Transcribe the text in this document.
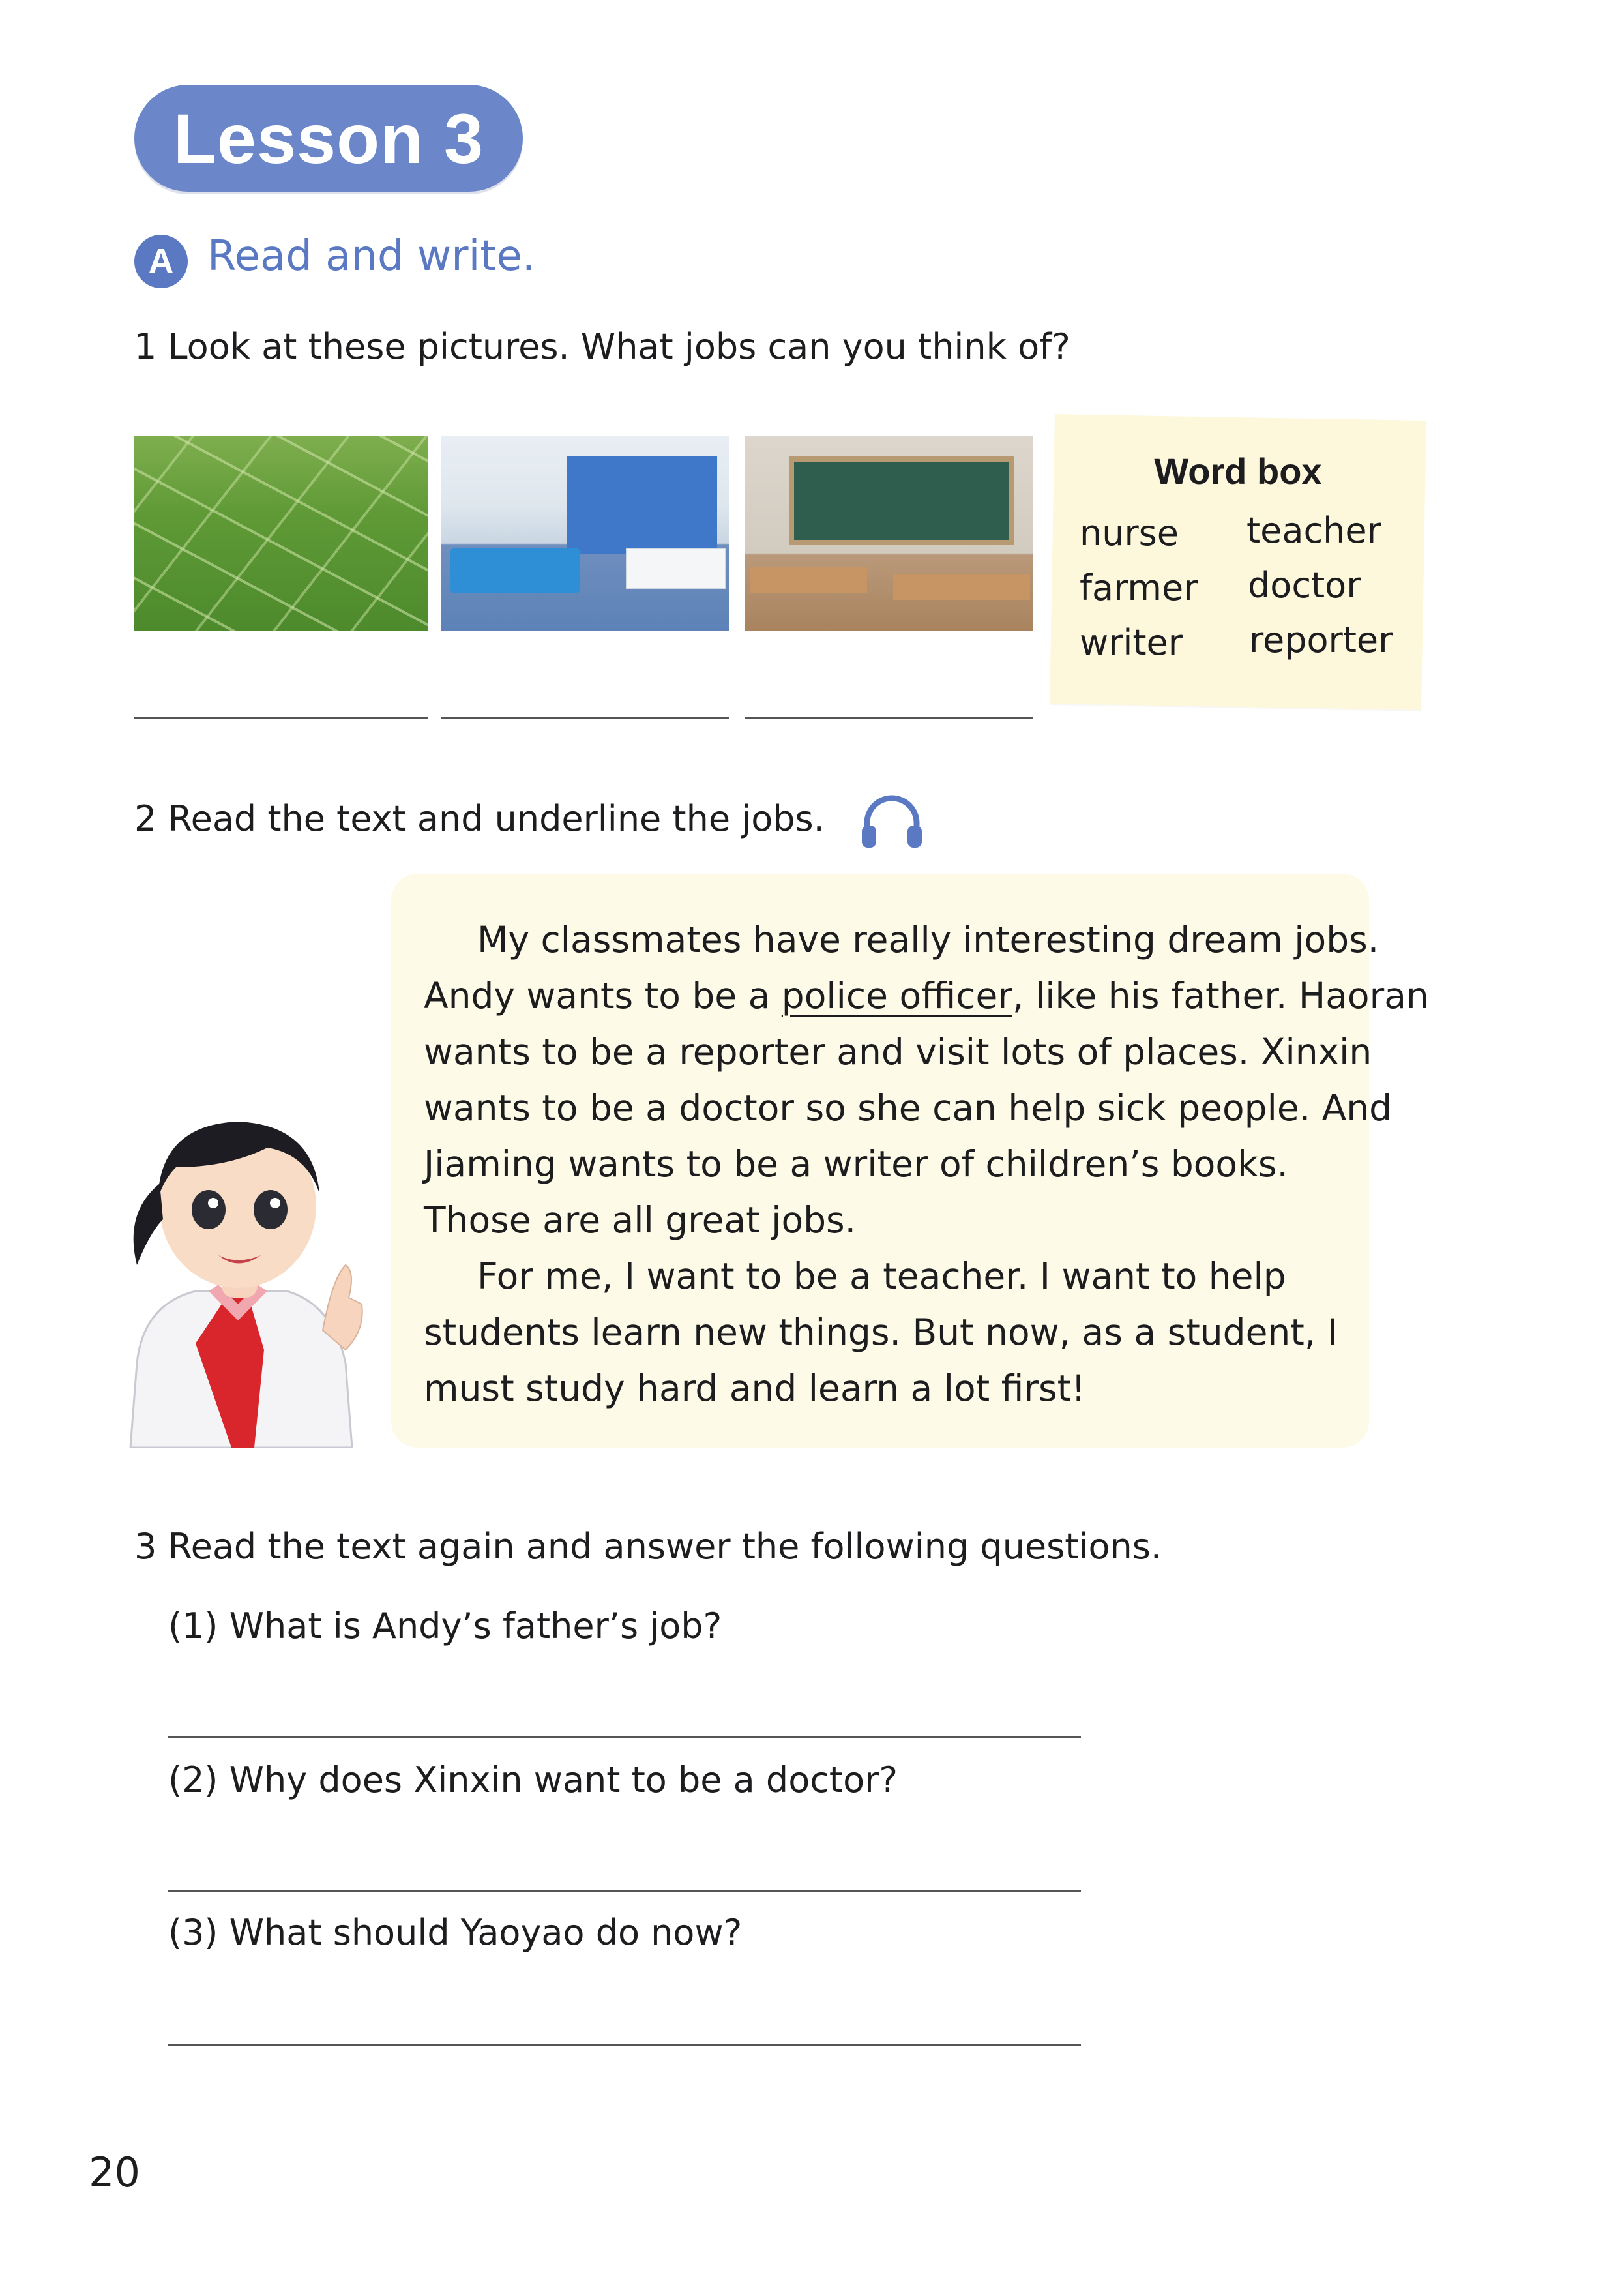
Lesson 3
A Read and write.
1 Look at these pictures. What jobs can you think of?
Word box
nurse teacher
farmer doctor
writer reporter
2 Read the text and underline the jobs.
My classmates have really interesting dream jobs.
Andy wants to be a police officer, like his father. Haoran
wants to be a reporter and visit lots of places. Xinxin
wants to be a doctor so she can help sick people. And
Jiaming wants to be a writer of children’s books.
Those are all great jobs.
For me, I want to be a teacher. I want to help
students learn new things. But now, as a student, I
must study hard and learn a lot first!
3 Read the text again and answer the following questions.
(1) What is Andy’s father’s job?
(2) Why does Xinxin want to be a doctor?
(3) What should Yaoyao do now?
20
